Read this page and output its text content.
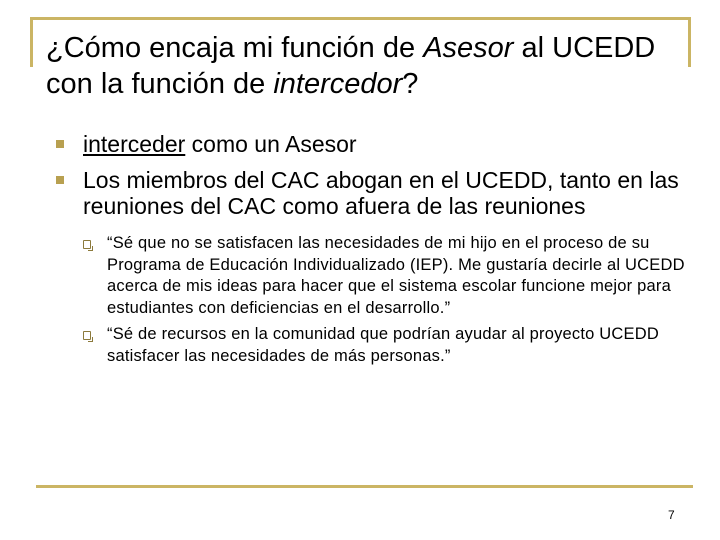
¿Cómo encaja mi función de Asesor al UCEDD con la función de intercedor?
interceder como un Asesor
Los miembros del CAC abogan en el UCEDD, tanto en las reuniones del CAC como afuera de las reuniones
“Sé que no se satisfacen las necesidades de mi hijo en el proceso de su Programa de Educación Individualizado (IEP). Me gustaría decirle al UCEDD acerca de mis ideas para hacer que el sistema escolar funcione mejor para estudiantes con deficiencias en el desarrollo.”
“Sé de recursos en la comunidad que podrían ayudar al proyecto UCEDD satisfacer las necesidades de más personas.”
7
